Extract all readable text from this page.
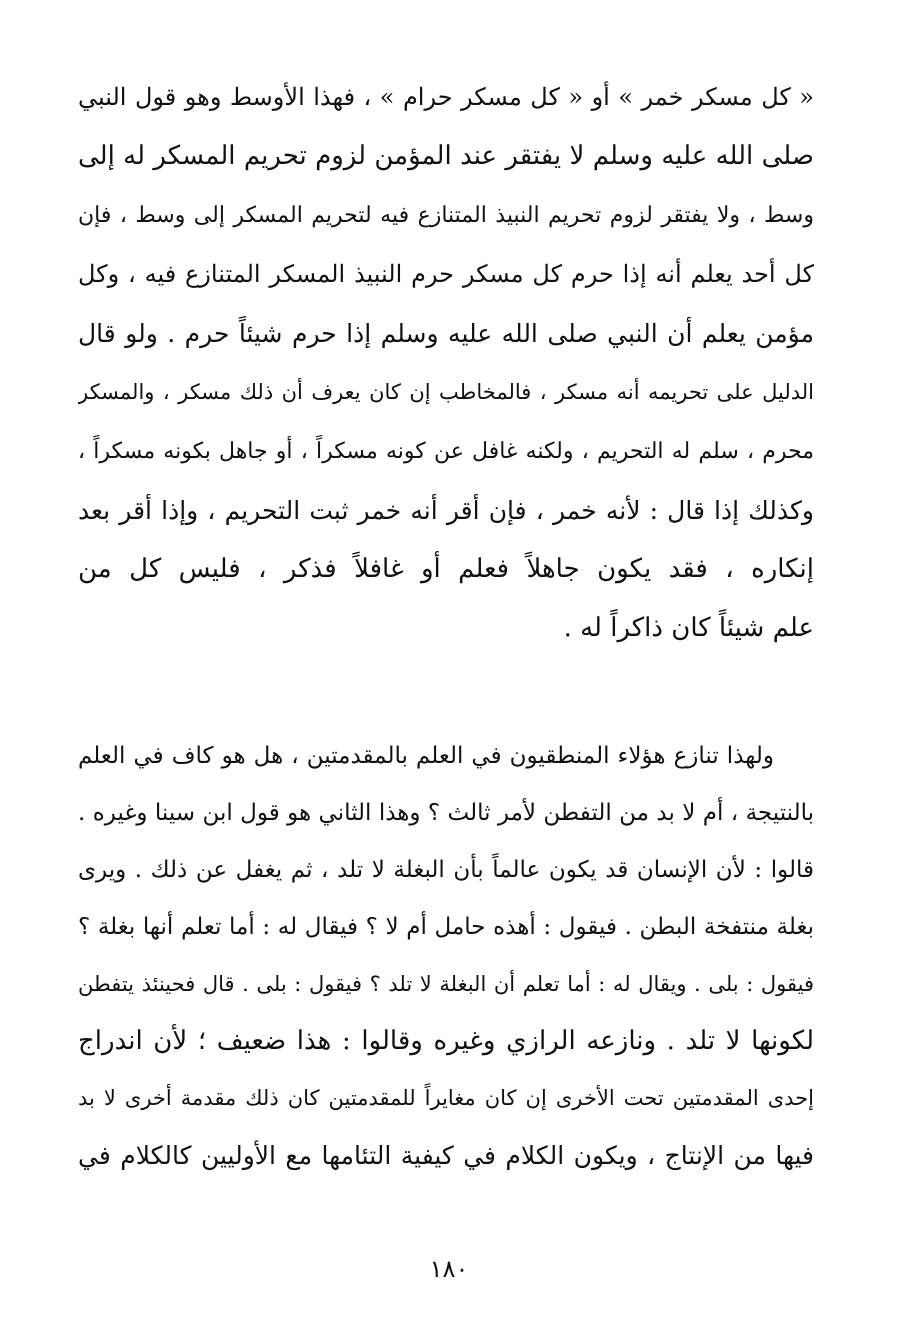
« كل مسكر خمر » أو « كل مسكر حرام » ، فهذا الأوسط وهو قول النبي
صلى الله عليه وسلم لا يفتقر عند المؤمن لزوم تحريم المسكر له إلى
وسط ، ولا يفتقر لزوم تحريم النبيذ المتنازع فيه لتحريم المسكر إلى وسط ، فإن
كل أحد يعلم أنه إذا حرم كل مسكر حرم النبيذ المسكر المتنازع فيه ، وكل
مؤمن يعلم أن النبي صلى الله عليه وسلم إذا حرم شيئاً حرم . ولو قال
الدليل على تحريمه أنه مسكر ، فالمخاطب إن كان يعرف أن ذلك مسكر ، والمسكر
محرم ، سلم له التحريم ، ولكنه غافل عن كونه مسكراً ، أو جاهل بكونه مسكراً ،
وكذلك إذا قال : لأنه خمر ، فإن أقر أنه خمر ثبت التحريم ، وإذا أقر بعد
إنكاره ، فقد يكون جاهلاً فعلم أو غافلاً فذكر ، فليس كل من
علم شيئاً كان ذاكراً له .
ولهذا تنازع هؤلاء المنطقيون في العلم بالمقدمتين ، هل هو كاف في العلم
بالنتيجة ، أم لا بد من التفطن لأمر ثالث ؟ وهذا الثاني هو قول ابن سينا وغيره .
قالوا : لأن الإنسان قد يكون عالماً بأن البغلة لا تلد ، ثم يغفل عن ذلك . ويرى
بغلة منتفخة البطن . فيقول : أهذه حامل أم لا ؟ فيقال له : أما تعلم أنها بغلة ؟
فيقول : بلى . ويقال له : أما تعلم أن البغلة لا تلد ؟ فيقول : بلى . قال فحينئذ يتفطن
لكونها لا تلد . ونازعه الرازي وغيره وقالوا : هذا ضعيف ؛ لأن اندراج
إحدى المقدمتين تحت الأخرى إن كان مغايراً للمقدمتين كان ذلك مقدمة أخرى لا بد
فيها من الإنتاج ، ويكون الكلام في كيفية التئامها مع الأوليين كالكلام في
١٨٠
